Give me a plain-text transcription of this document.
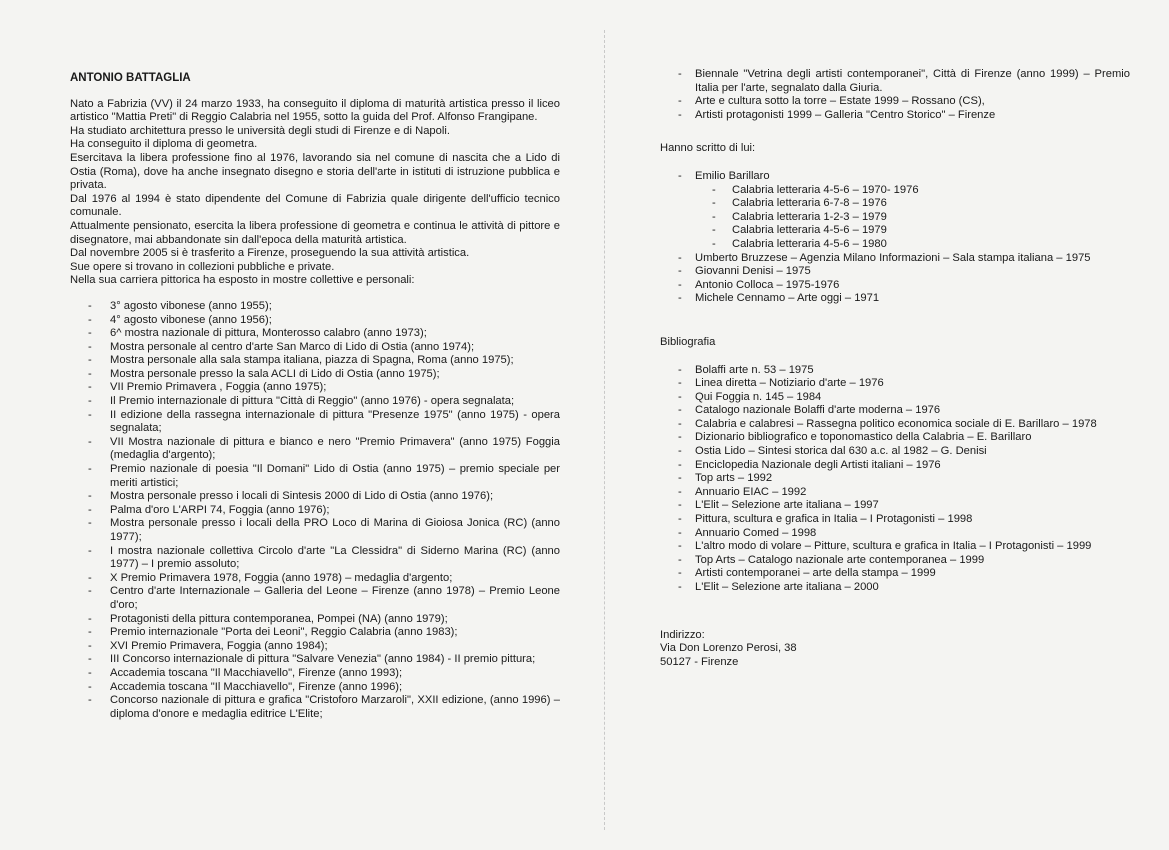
ANTONIO BATTAGLIA

Nato a Fabrizia (VV) il 24 marzo 1933, ha conseguito il diploma di maturità artistica presso il liceo artistico "Mattia Preti" di Reggio Calabria nel 1955, sotto la guida del Prof. Alfonso Frangipane.

Ha studiato architettura presso le università degli studi di Firenze e di Napoli.

Ha conseguito il diploma di geometra.

Esercitava la libera professione fino al 1976, lavorando sia nel comune di nascita che a Lido di Ostia (Roma), dove ha anche insegnato disegno e storia dell'arte in istituti di istruzione pubblica e privata.

Dal 1976 al 1994 è stato dipendente del Comune di Fabrizia quale dirigente dell'ufficio tecnico comunale.

Attualmente pensionato, esercita la libera professione di geometra e continua le attività di pittore e disegnatore, mai abbandonate sin dall'epoca della maturità artistica.

Dal novembre 2005 si è trasferito a Firenze, proseguendo la sua attività artistica.

Sue opere si trovano in collezioni pubbliche e private.

Nella sua carriera pittorica ha esposto in mostre collettive e personali:

- 3° agosto vibonese (anno 1955);
- 4° agosto vibonese (anno 1956);
- 6^ mostra nazionale di pittura, Monterosso calabro (anno 1973);
- Mostra personale al centro d'arte San Marco di Lido di Ostia (anno 1974);
- Mostra personale alla sala stampa italiana, piazza di Spagna, Roma (anno 1975);
- Mostra personale presso la sala ACLI di Lido di Ostia (anno 1975);
- VII Premio Primavera , Foggia (anno 1975);
- Il Premio internazionale di pittura "Città di Reggio" (anno 1976) - opera segnalata;
- II edizione della rassegna internazionale di pittura "Presenze 1975" (anno 1975) - opera segnalata;
- VII Mostra nazionale di pittura e bianco e nero "Premio Primavera" (anno 1975) Foggia (medaglia d'argento);
- Premio nazionale di poesia "Il Domani" Lido di Ostia (anno 1975) – premio speciale per meriti artistici;
- Mostra personale presso i locali di Sintesis 2000 di Lido di Ostia (anno 1976);
- Palma d'oro L'ARPI 74, Foggia (anno 1976);
- Mostra personale presso i locali della PRO Loco di Marina di Gioiosa Jonica (RC) (anno 1977);
- I mostra nazionale collettiva Circolo d'arte "La Clessidra" di Siderno Marina (RC) (anno 1977) – I premio assoluto;
- X Premio Primavera 1978, Foggia (anno 1978) – medaglia d'argento;
- Centro d'arte Internazionale – Galleria del Leone – Firenze (anno 1978) – Premio Leone d'oro;
- Protagonisti della pittura contemporanea, Pompei (NA) (anno 1979);
- Premio internazionale "Porta dei Leoni", Reggio Calabria (anno 1983);
- XVI Premio Primavera, Foggia (anno 1984);
- III Concorso internazionale di pittura "Salvare Venezia" (anno 1984) - II premio pittura;
- Accademia toscana "Il Macchiavello", Firenze (anno 1993);
- Accademia toscana "Il Macchiavello", Firenze (anno 1996);
- Concorso nazionale di pittura e grafica "Cristoforo Marzaroli", XXII edizione, (anno 1996) – diploma d'onore e medaglia editrice L'Elite;
- Biennale "Vetrina degli artisti contemporanei", Città di Firenze (anno 1999) – Premio Italia per l'arte, segnalato dalla Giuria.
- Arte e cultura sotto la torre – Estate 1999 – Rossano (CS),
- Artisti protagonisti 1999 – Galleria "Centro Storico" – Firenze
Hanno scritto di lui:
- Emilio Barillaro
- Calabria letteraria 4-5-6 – 1970- 1976
- Calabria letteraria 6-7-8 – 1976
- Calabria letteraria 1-2-3 – 1979
- Calabria letteraria 4-5-6 – 1979
- Calabria letteraria 4-5-6 – 1980
- Umberto Bruzzese – Agenzia Milano Informazioni – Sala stampa italiana – 1975
- Giovanni Denisi – 1975
- Antonio Colloca – 1975-1976
- Michele Cennamo – Arte oggi – 1971
Bibliografia
- Bolaffi arte n. 53 – 1975
- Linea diretta – Notiziario d'arte – 1976
- Qui Foggia n. 145 – 1984
- Catalogo nazionale Bolaffi d'arte moderna – 1976
- Calabria e calabresi – Rassegna politico economica sociale di E. Barillaro – 1978
- Dizionario bibliografico e toponomastico della Calabria – E. Barillaro
- Ostia Lido – Sintesi storica dal 630 a.c. al 1982 – G. Denisi
- Enciclopedia Nazionale degli Artisti italiani – 1976
- Top arts – 1992
- Annuario EIAC – 1992
- L'Elit – Selezione arte italiana – 1997
- Pittura, scultura e grafica in Italia – I Protagonisti – 1998
- Annuario Comed – 1998
- L'altro modo di volare – Pitture, scultura e grafica in Italia – I Protagonisti – 1999
- Top Arts – Catalogo nazionale arte contemporanea – 1999
- Artisti contemporanei – arte della stampa – 1999
- L'Elit – Selezione arte italiana – 2000
Indirizzo:
Via Don Lorenzo Perosi, 38
50127 - Firenze
